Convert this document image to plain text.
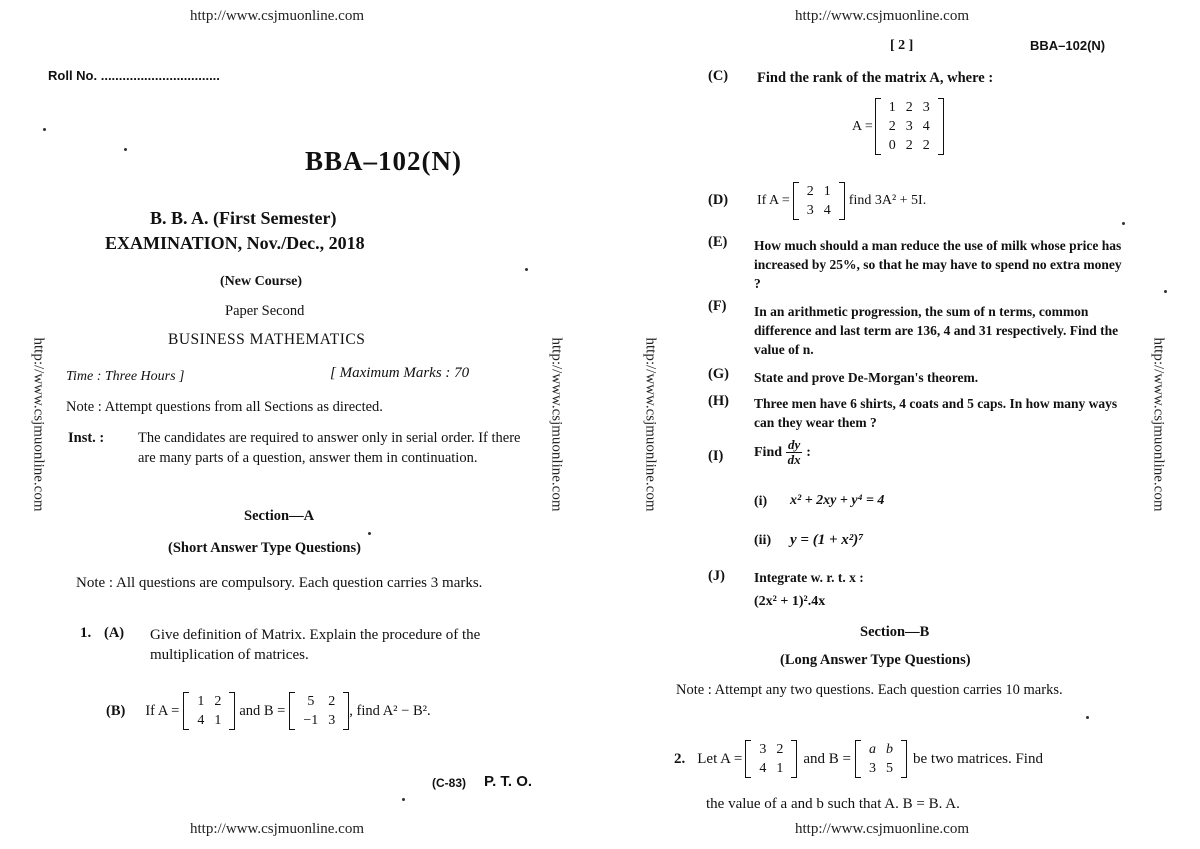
http://www.csjmuonline.com
http://www.csjmuonline.com
http://www.csjmuonline.com	http://www.csjmuonline.com
Roll No. .................................
BBA–102(N)
B. B. A. (First Semester)
EXAMINATION, Nov./Dec., 2018
(New Course)
Paper Second
BUSINESS MATHEMATICS
Time : Three Hours ]	[ Maximum Marks : 70
Note : Attempt questions from all Sections as directed.
Inst. : The candidates are required to answer only in serial order. If there are many parts of a question, answer them in continuation.
Section—A
(Short Answer Type Questions)
Note : All questions are compulsory. Each question carries 3 marks.
1. (A) Give definition of Matrix. Explain the procedure of the multiplication of matrices.
(B) If A =
1	2
4	1
and B =
5	2
−1	3
, find A² − B².
(C-83) P. T. O.
http://www.csjmuonline.com
http://www.csjmuonline.com
http://www.csjmuonline.com	http://www.csjmuonline.com
[ 2 ]	BBA–102(N)
(C) Find the rank of the matrix A, where :
A =
1	2	3
2	3	4
0	2	2
(D) If A =
2	1
3	4
find 3A² + 5I.
(E) How much should a man reduce the use of milk whose price has increased by 25%, so that he may have to spend no extra money ?
(F) In an arithmetic progression, the sum of n terms, common difference and last term are 136, 4 and 31 respectively. Find the value of n.
(G) State and prove De-Morgan's theorem.
(H) Three men have 6 shirts, 4 coats and 5 caps. In how many ways can they wear them ?
(I) Find $\frac{dy}{dx}$ :
(i) x² + 2xy + y⁴ = 4
(ii) y = (1 + x²)⁷
(J) Integrate w. r. t. x :
(2x² + 1)².4x
Section—B
(Long Answer Type Questions)
Note : Attempt any two questions. Each question carries 10 marks.
2. Let A =
3	2
4	1
and B =
a	b
3	5
be two matrices. Find
the value of a and b such that A. B = B. A.
